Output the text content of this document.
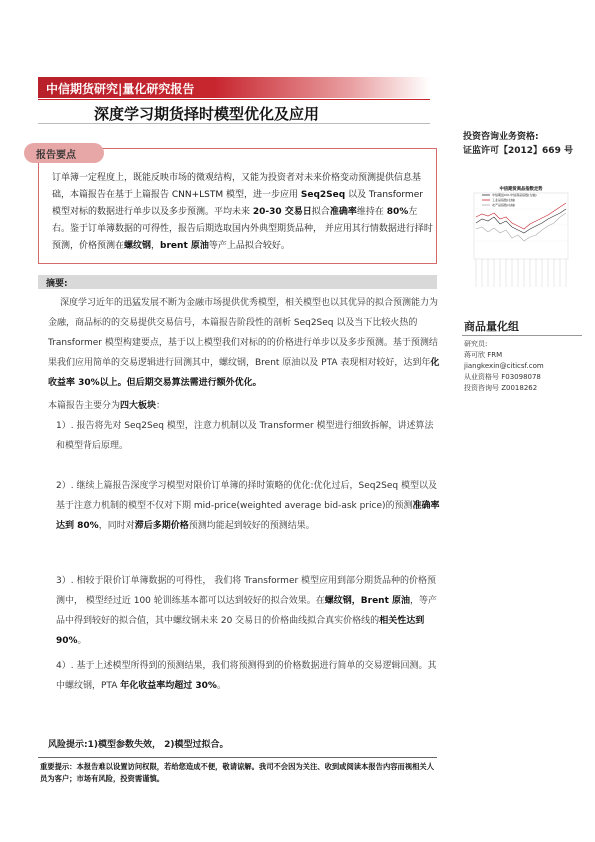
中信期货研究|量化研究报告
深度学习期货择时模型优化及应用
报告要点
订单簿一定程度上，既能反映市场的微观结构，又能为投资者对未来价格变动预测提供信息基础，本篇报告在基于上篇报告 CNN+LSTM 模型，进一步应用 Seq2Seq 以及 Transformer 模型对标的数据进行单步以及多步预测。平均未来 20-30 交易日拟合准确率维持在 80%左右。鉴于订单簿数据的可得性，报告后期选取国内外典型期货品种， 并应用其行情数据进行择时预测，价格预测在螺纹钢，brent 原油等产上品拟合较好。
投资咨询业务资格:
证监许可【2012】669 号
中信期货商品指数走势
中信期货CCI-中信商品指数(左轴)
工业品指数(左轴)
农产品指数(右轴)
商品量化组
研究员:
蒋可欣 FRM
jiangkexin@citicsf.com
从业资格号 F03098078
投资咨询号 Z0018262
摘要:
深度学习近年的迅猛发展不断为金融市场提供优秀模型，相关模型也以其优异的拟合预测能力为金融，商品标的的交易提供交易信号，本篇报告阶段性的剖析 Seq2Seq 以及当下比较火热的 Transformer 模型构建要点，基于以上模型我们对标的的价格进行单步以及多步预测。基于预测结果我们应用简单的交易逻辑进行回测其中，螺纹钢，Brent 原油以及 PTA 表现相对较好，达到年化收益率 30%以上。但后期交易算法需进行额外优化。
本篇报告主要分为四大板块：
1）. 报告将先对 Seq2Seq 模型，注意力机制以及 Transformer 模型进行细致拆解，讲述算法和模型背后原理。
2）. 继续上篇报告深度学习模型对限价订单簿的择时策略的优化:优化过后，Seq2Seq 模型以及基于注意力机制的模型不仅对下期 mid-price(weighted average bid-ask price)的预测准确率达到 80%，同时对滞后多期价格预测均能起到较好的预测结果。
3）. 相较于限价订单簿数据的可得性， 我们将 Transformer 模型应用到部分期货品种的价格预测中， 模型经过近 100 轮训练基本都可以达到较好的拟合效果。在螺纹钢，Brent 原油，等产品中得到较好的拟合值，其中螺纹钢未来 20 交易日的价格曲线拟合真实价格线的相关性达到 90%。
4）. 基于上述模型所得到的预测结果，我们将预测得到的价格数据进行简单的交易逻辑回测。其中螺纹钢，PTA 年化收益率均超过 30%。
风险提示:1)模型参数失效， 2)模型过拟合。
重要提示：本报告难以设置访问权限，若给您造成不便，敬请谅解。我司不会因为关注、收到或阅读本报告内容而视相关人员为客户；市场有风险，投资需谨慎。
